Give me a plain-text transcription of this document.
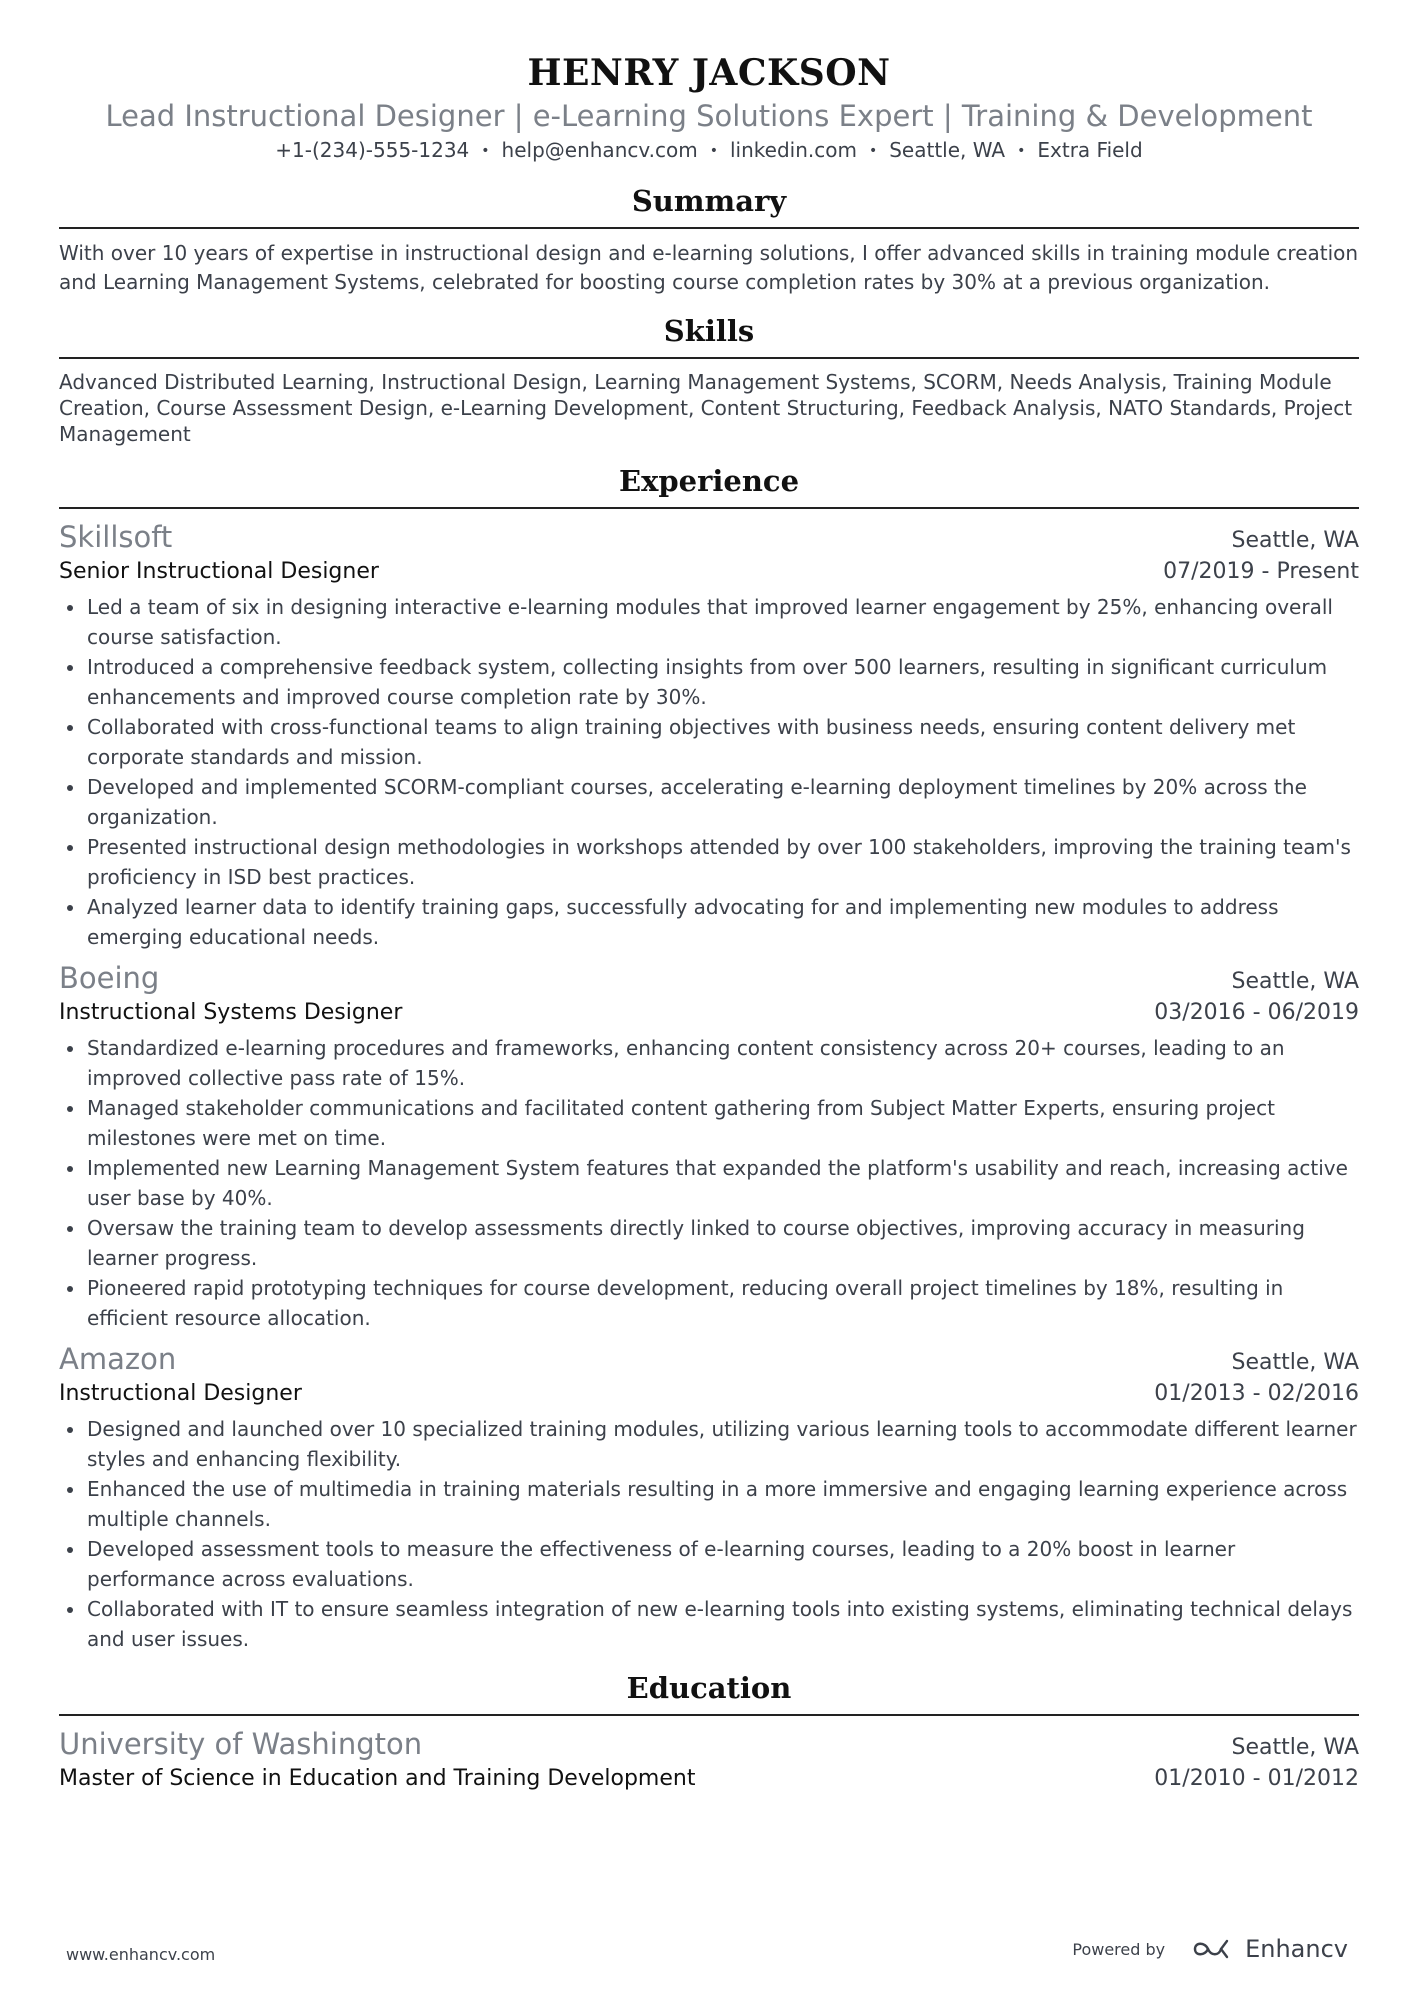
HENRY JACKSON
Lead Instructional Designer | e-Learning Solutions Expert | Training & Development
+1-(234)-555-1234 • help@enhancv.com • linkedin.com • Seattle, WA • Extra Field
Summary

With over 10 years of expertise in instructional design and e-learning solutions, I offer advanced skills in training module creation and Learning Management Systems, celebrated for boosting course completion rates by 30% at a previous organization.

Skills

Advanced Distributed Learning, Instructional Design, Learning Management Systems, SCORM, Needs Analysis, Training Module Creation, Course Assessment Design, e-Learning Development, Content Structuring, Feedback Analysis, NATO Standards, Project Management

Experience
Skillsoft	Seattle, WA
Senior Instructional Designer	07/2019 - Present
Led a team of six in designing interactive e-learning modules that improved learner engagement by 25%, enhancing overall course satisfaction.
Introduced a comprehensive feedback system, collecting insights from over 500 learners, resulting in significant curriculum enhancements and improved course completion rate by 30%.
Collaborated with cross-functional teams to align training objectives with business needs, ensuring content delivery met corporate standards and mission.
Developed and implemented SCORM-compliant courses, accelerating e-learning deployment timelines by 20% across the organization.
Presented instructional design methodologies in workshops attended by over 100 stakeholders, improving the training team's proficiency in ISD best practices.
Analyzed learner data to identify training gaps, successfully advocating for and implementing new modules to address emerging educational needs.
Boeing	Seattle, WA
Instructional Systems Designer	03/2016 - 06/2019
Standardized e-learning procedures and frameworks, enhancing content consistency across 20+ courses, leading to an improved collective pass rate of 15%.
Managed stakeholder communications and facilitated content gathering from Subject Matter Experts, ensuring project milestones were met on time.
Implemented new Learning Management System features that expanded the platform's usability and reach, increasing active user base by 40%.
Oversaw the training team to develop assessments directly linked to course objectives, improving accuracy in measuring learner progress.
Pioneered rapid prototyping techniques for course development, reducing overall project timelines by 18%, resulting in efficient resource allocation.
Amazon	Seattle, WA
Instructional Designer	01/2013 - 02/2016
Designed and launched over 10 specialized training modules, utilizing various learning tools to accommodate different learner styles and enhancing flexibility.
Enhanced the use of multimedia in training materials resulting in a more immersive and engaging learning experience across multiple channels.
Developed assessment tools to measure the effectiveness of e-learning courses, leading to a 20% boost in learner performance across evaluations.
Collaborated with IT to ensure seamless integration of new e-learning tools into existing systems, eliminating technical delays and user issues.
Education
University of Washington	Seattle, WA
Master of Science in Education and Training Development	01/2010 - 01/2012
www.enhancv.com	Powered by	Enhancv
